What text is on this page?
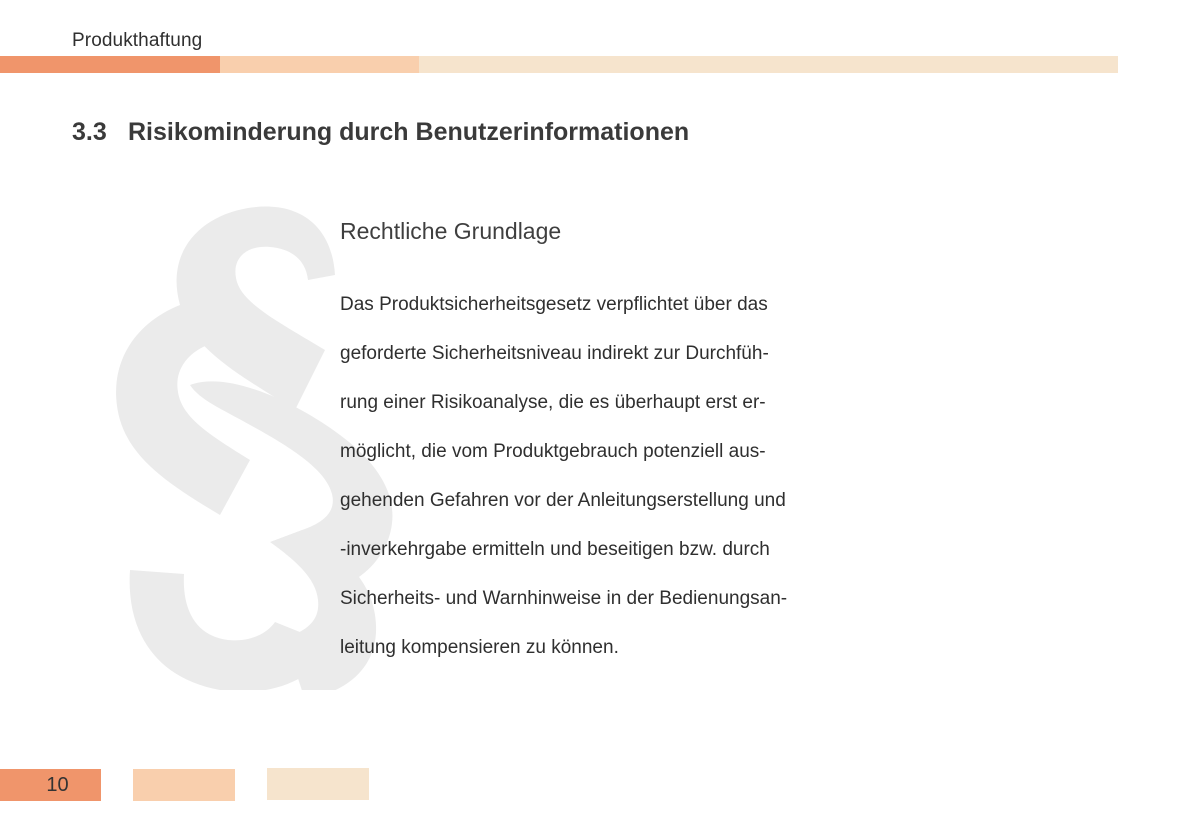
Produkthaftung
3.3 Risikominderung durch Benutzerinformationen
Rechtliche Grundlage

Das Produktsicherheitsgesetz verpflichtet über das

geforderte Sicherheitsniveau indirekt zur Durchfüh-

rung einer Risikoanalyse, die es überhaupt erst er-

möglicht, die vom Produktgebrauch potenziell aus-

gehenden Gefahren vor der Anleitungserstellung und

-inverkehrgabe ermitteln und beseitigen bzw. durch

Sicherheits- und Warnhinweise in der Bedienungsan-

leitung kompensieren zu können.

10
